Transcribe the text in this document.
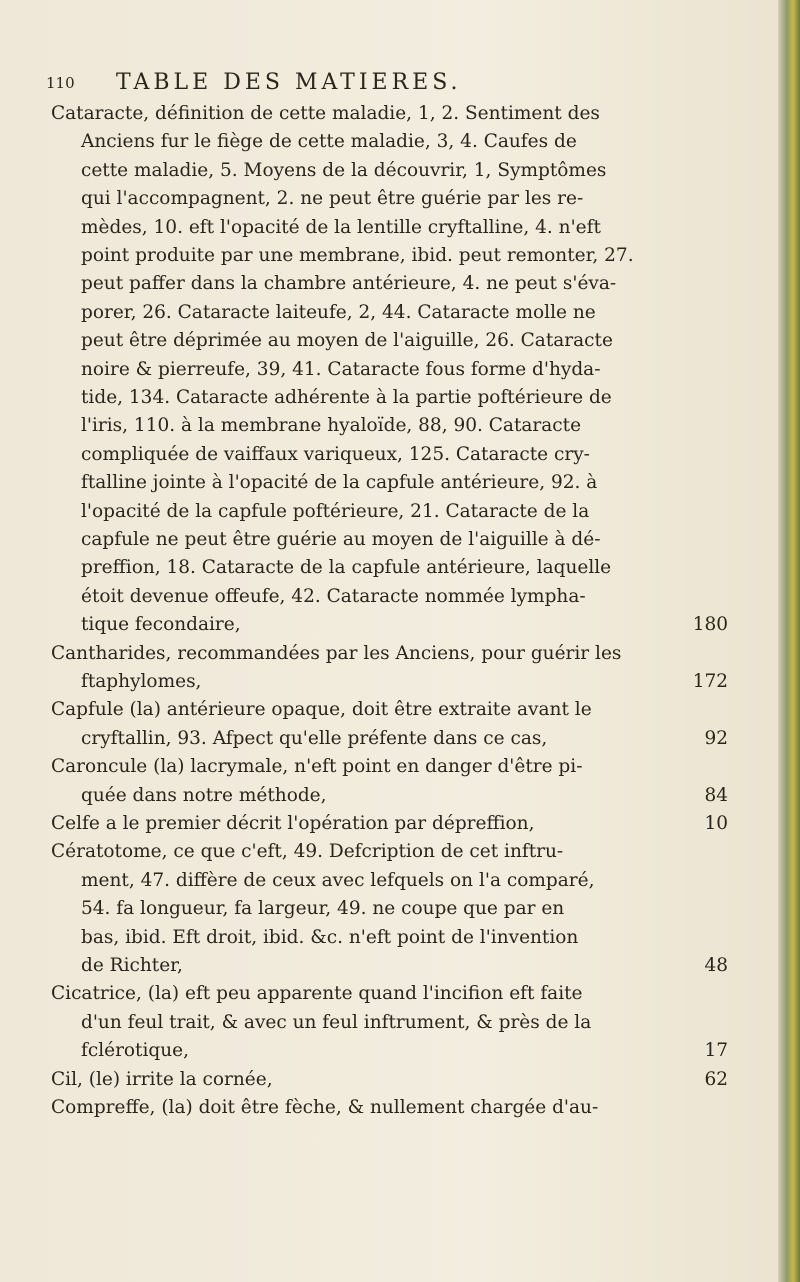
110 TABLE DES MATIERES.
Cataracte, définition de cette maladie, 1, 2. Sentiment des
Anciens fur le fiège de cette maladie, 3, 4. Caufes de
cette maladie, 5. Moyens de la découvrir, 1, Symptômes
qui l'accompagnent, 2. ne peut être guérie par les re-
mèdes, 10. eft l'opacité de la lentille cryftalline, 4. n'eft
point produite par une membrane, ibid. peut remonter, 27.
peut paffer dans la chambre antérieure, 4. ne peut s'éva-
porer, 26. Cataracte laiteufe, 2, 44. Cataracte molle ne
peut être déprimée au moyen de l'aiguille, 26. Cataracte
noire & pierreufe, 39, 41. Cataracte fous forme d'hyda-
tide, 134. Cataracte adhérente à la partie poftérieure de
l'iris, 110. à la membrane hyaloïde, 88, 90. Cataracte
compliquée de vaiffaux variqueux, 125. Cataracte cry-
ftalline jointe à l'opacité de la capfule antérieure, 92. à
l'opacité de la capfule poftérieure, 21. Cataracte de la
capfule ne peut être guérie au moyen de l'aiguille à dé-
preffion, 18. Cataracte de la capfule antérieure, laquelle
étoit devenue offeufe, 42. Cataracte nommée lympha-
tique fecondaire,	180
Cantharides, recommandées par les Anciens, pour guérir les
ftaphylomes,	172
Capfule (la) antérieure opaque, doit être extraite avant le
cryftallin, 93. Afpect qu'elle préfente dans ce cas,	92
Caroncule (la) lacrymale, n'eft point en danger d'être pi-
quée dans notre méthode,	84
Celfe a le premier décrit l'opération par dépreffion,	10
Cératotome, ce que c'eft, 49. Defcription de cet inftru-
ment, 47. diffère de ceux avec lefquels on l'a comparé,
54. fa longueur, fa largeur, 49. ne coupe que par en
bas, ibid. Eft droit, ibid. &c. n'eft point de l'invention
de Richter,	48
Cicatrice, (la) eft peu apparente quand l'incifion eft faite
d'un feul trait, & avec un feul inftrument, & près de la
fclérotique,	17
Cil, (le) irrite la cornée,	62
Compreffe, (la) doit être fèche, & nullement chargée d'au-
